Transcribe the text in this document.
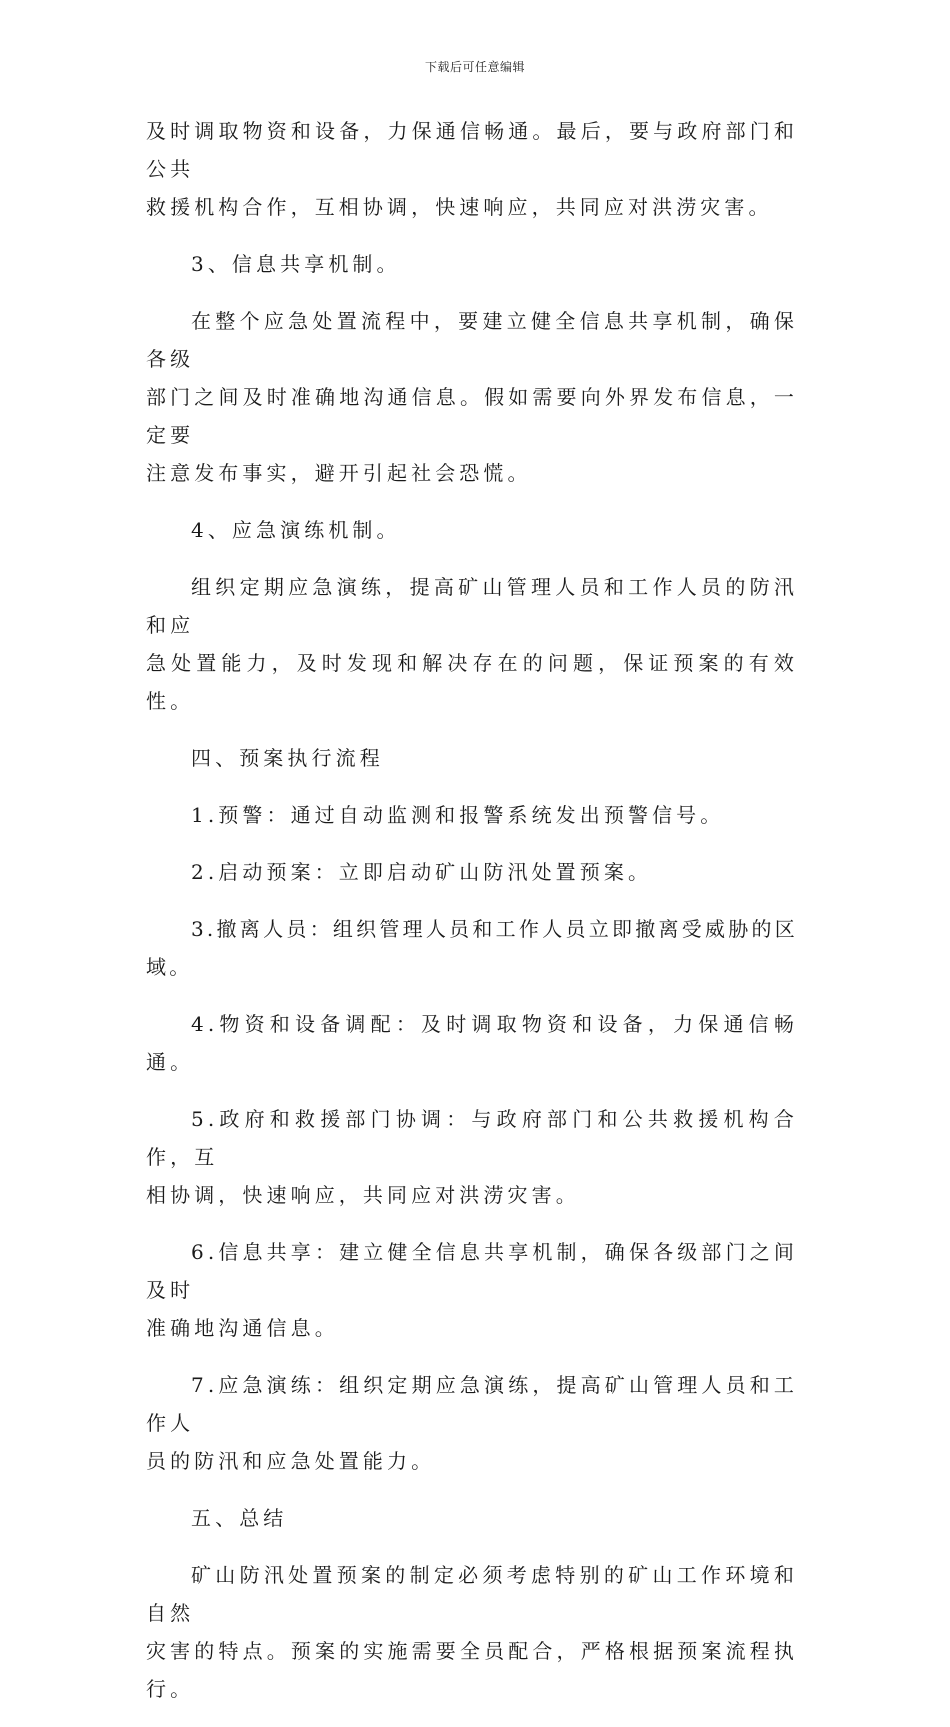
下载后可任意编辑

及时调取物资和设备，力保通信畅通。最后，要与政府部门和公共
救援机构合作，互相协调，快速响应，共同应对洪涝灾害。

3、信息共享机制。

在整个应急处置流程中，要建立健全信息共享机制，确保各级
部门之间及时准确地沟通信息。假如需要向外界发布信息，一定要
注意发布事实，避开引起社会恐慌。

4、应急演练机制。

组织定期应急演练，提高矿山管理人员和工作人员的防汛和应
急处置能力，及时发现和解决存在的问题，保证预案的有效性。

四、预案执行流程

1.预警：通过自动监测和报警系统发出预警信号。

2.启动预案：立即启动矿山防汛处置预案。

3.撤离人员：组织管理人员和工作人员立即撤离受威胁的区域。

4.物资和设备调配：及时调取物资和设备，力保通信畅通。

5.政府和救援部门协调：与政府部门和公共救援机构合作，互
相协调，快速响应，共同应对洪涝灾害。

6.信息共享：建立健全信息共享机制，确保各级部门之间及时
准确地沟通信息。

7.应急演练：组织定期应急演练，提高矿山管理人员和工作人
员的防汛和应急处置能力。

五、总结

矿山防汛处置预案的制定必须考虑特别的矿山工作环境和自然
灾害的特点。预案的实施需要全员配合，严格根据预案流程执行。
